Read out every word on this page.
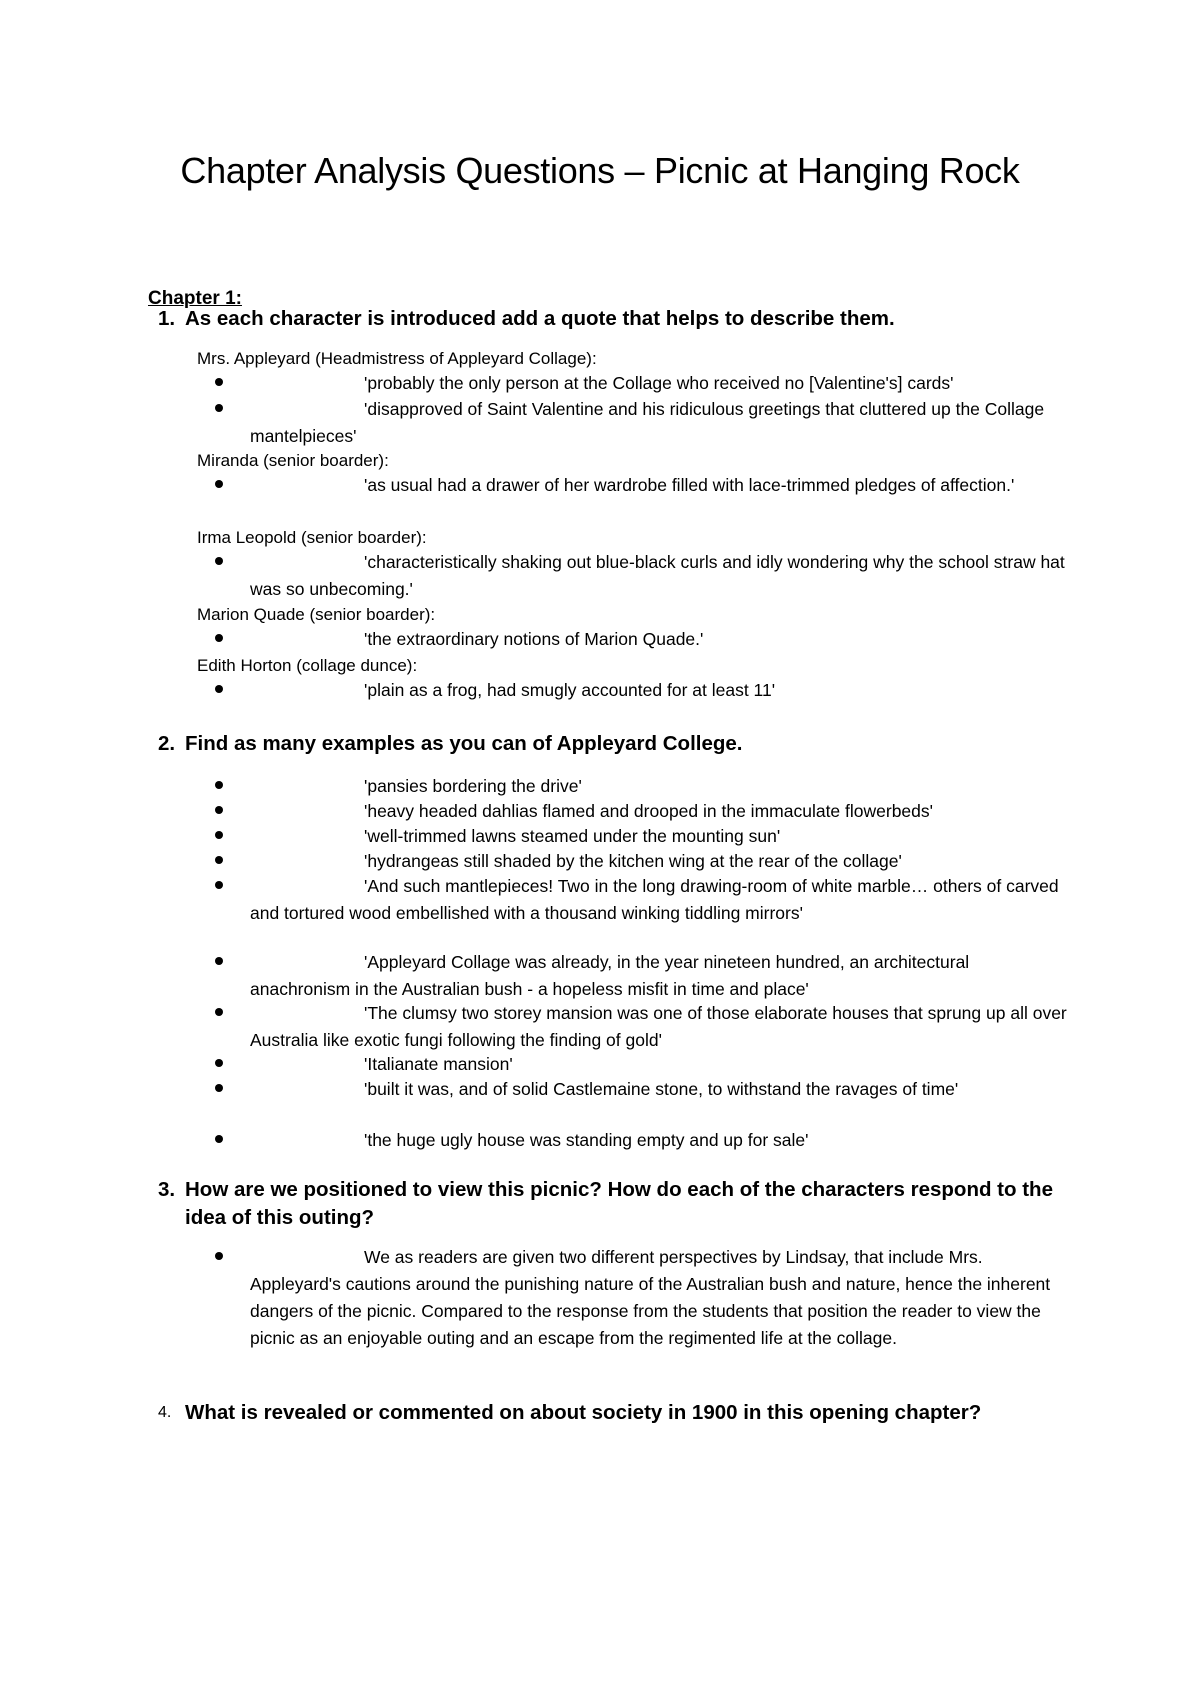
Chapter Analysis Questions – Picnic at Hanging Rock
Chapter 1:
1. As each character is introduced add a quote that helps to describe them.
Mrs. Appleyard (Headmistress of Appleyard Collage):
'probably the only person at the Collage who received no [Valentine's] cards'
'disapproved of Saint Valentine and his ridiculous greetings that cluttered up the Collage mantelpieces'
Miranda (senior boarder):
'as usual had a drawer of her wardrobe filled with lace-trimmed pledges of affection.'
Irma Leopold (senior boarder):
'characteristically shaking out blue-black curls and idly wondering why the school straw hat was so unbecoming.'
Marion Quade (senior boarder):
'the extraordinary notions of Marion Quade.'
Edith Horton (collage dunce):
'plain as a frog, had smugly accounted for at least 11'
2. Find as many examples as you can of Appleyard College.
'pansies bordering the drive'
'heavy headed dahlias flamed and drooped in the immaculate flowerbeds'
'well-trimmed lawns steamed under the mounting sun'
'hydrangeas still shaded by the kitchen wing at the rear of the collage'
'And such mantlepieces! Two in the long drawing-room of white marble… others of carved and tortured wood embellished with a thousand winking tiddling mirrors'
'Appleyard Collage was already, in the year nineteen hundred, an architectural anachronism in the Australian bush - a hopeless misfit in time and place'
'The clumsy two storey mansion was one of those elaborate houses that sprung up all over Australia like exotic fungi following the finding of gold'
'Italianate mansion'
'built it was, and of solid Castlemaine stone, to withstand the ravages of time'
'the huge ugly house was standing empty and up for sale'
3. How are we positioned to view this picnic? How do each of the characters respond to the idea of this outing?
We as readers are given two different perspectives by Lindsay, that include Mrs. Appleyard's cautions around the punishing nature of the Australian bush and nature, hence the inherent dangers of the picnic. Compared to the response from the students that position the reader to view the picnic as an enjoyable outing and an escape from the regimented life at the collage.
4. What is revealed or commented on about society in 1900 in this opening chapter?
